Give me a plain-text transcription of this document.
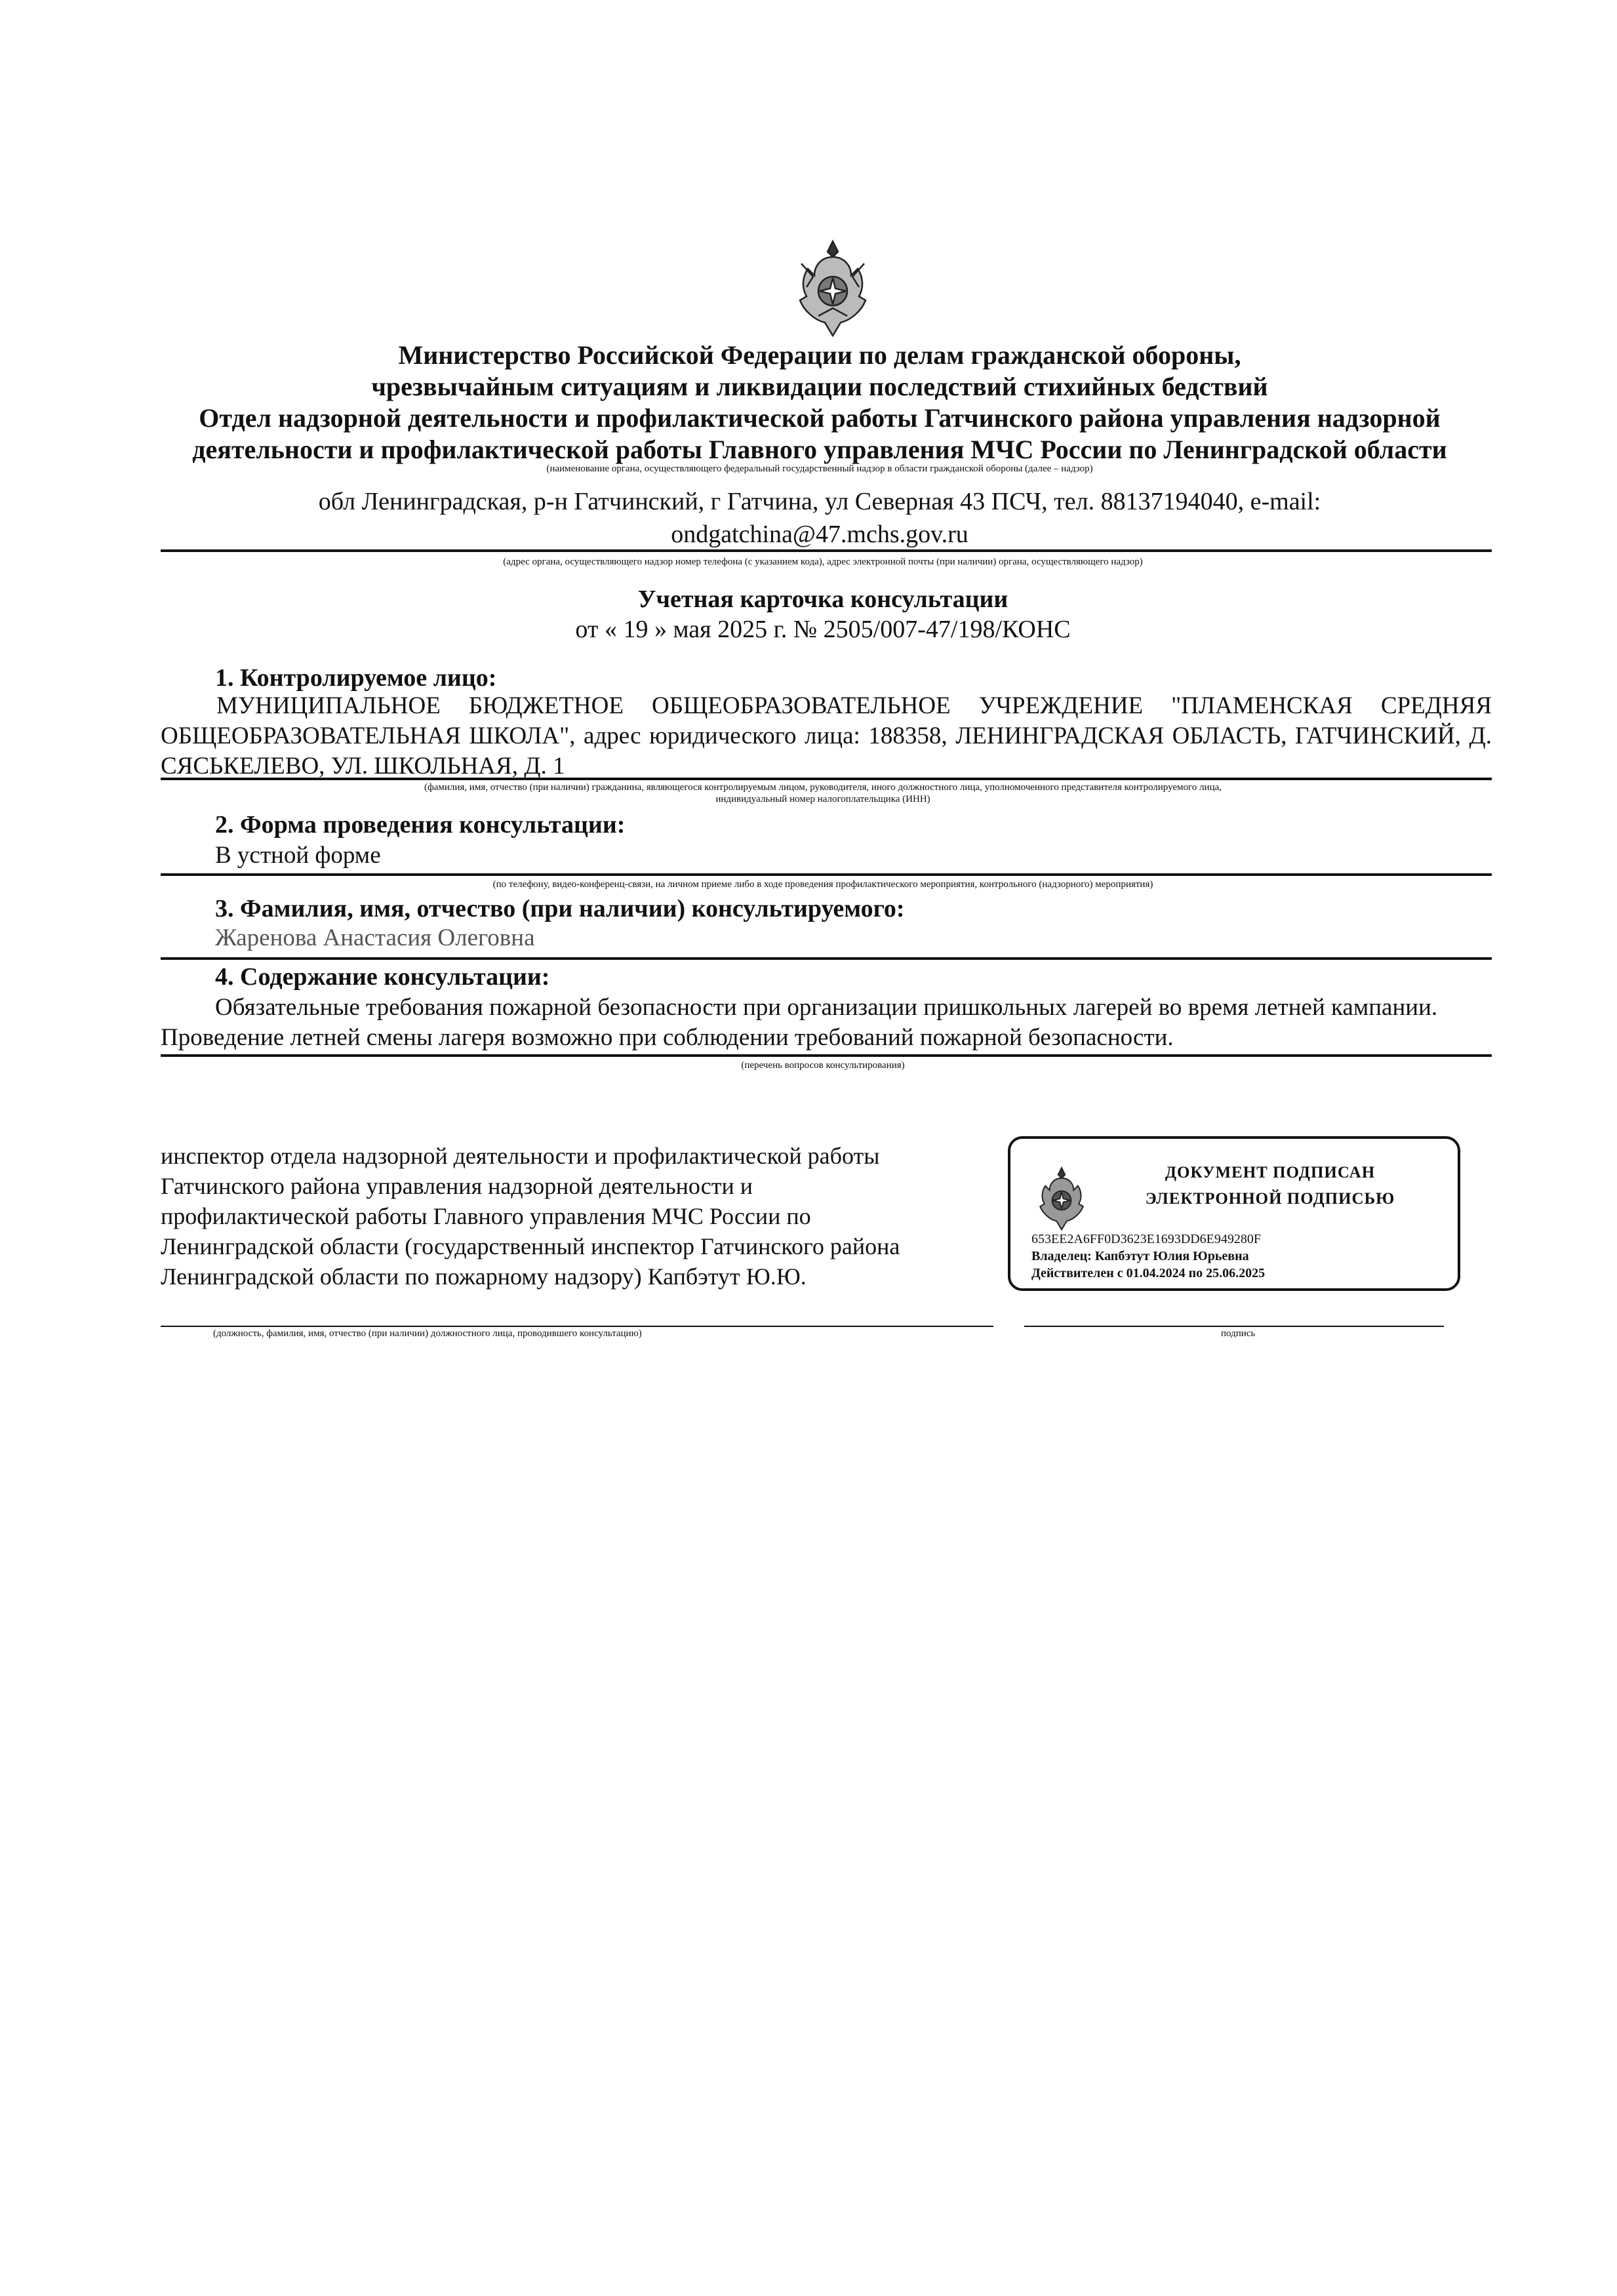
Министерство Российской Федерации по делам гражданской обороны,
чрезвычайным ситуациям и ликвидации последствий стихийных бедствий
Отдел надзорной деятельности и профилактической работы Гатчинского района управления надзорной
деятельности и профилактической работы Главного управления МЧС России по Ленинградской области
(наименование органа, осуществляющего федеральный государственный надзор в области гражданской обороны (далее – надзор)
обл Ленинградская, р-н Гатчинский, г Гатчина, ул Северная 43 ПСЧ, тел. 88137194040, e-mail:
ondgatchina@47.mchs.gov.ru
(адрес органа, осуществляющего надзор номер телефона (с указанием кода), адрес электронной почты (при наличии) органа, осуществляющего надзор)
Учетная карточка консультации
от « 19 » мая 2025 г. № 2505/007-47/198/КОНС
1. Контролируемое лицо:
МУНИЦИПАЛЬНОЕ БЮДЖЕТНОЕ ОБЩЕОБРАЗОВАТЕЛЬНОЕ УЧРЕЖДЕНИЕ "ПЛАМЕНСКАЯ СРЕДНЯЯ ОБЩЕОБРАЗОВАТЕЛЬНАЯ ШКОЛА", адрес юридического лица: 188358, ЛЕНИНГРАДСКАЯ ОБЛАСТЬ, ГАТЧИНСКИЙ, Д. СЯСЬКЕЛЕВО, УЛ. ШКОЛЬНАЯ, Д. 1
(фамилия, имя, отчество (при наличии) гражданина, являющегося контролируемым лицом, руководителя, иного должностного лица, уполномоченного представителя контролируемого лица,
индивидуальный номер налогоплательщика (ИНН)
2. Форма проведения консультации:
В устной форме
(по телефону, видео-конференц-связи, на личном приеме либо в ходе проведения профилактического мероприятия, контрольного (надзорного) мероприятия)
3. Фамилия, имя, отчество (при наличии) консультируемого:
Жаренова Анастасия Олеговна
4. Содержание консультации:
Обязательные требования пожарной безопасности при организации пришкольных лагерей во время летней кампании.
Проведение летней смены лагеря возможно при соблюдении требований пожарной безопасности.
(перечень вопросов консультирования)
инспектор отдела надзорной деятельности и профилактической работы
Гатчинского района управления надзорной деятельности и
профилактической работы Главного управления МЧС России по
Ленинградской области (государственный инспектор Гатчинского района
Ленинградской области по пожарному надзору) Капбэтут Ю.Ю.
ДОКУМЕНТ ПОДПИСАН
ЭЛЕКТРОННОЙ ПОДПИСЬЮ
653EE2A6FF0D3623E1693DD6E949280F
Владелец: Капбэтут Юлия Юрьевна
Действителен с 01.04.2024 по 25.06.2025
(должность, фамилия, имя, отчество (при наличии) должностного лица, проводившего консультацию)	подпись
